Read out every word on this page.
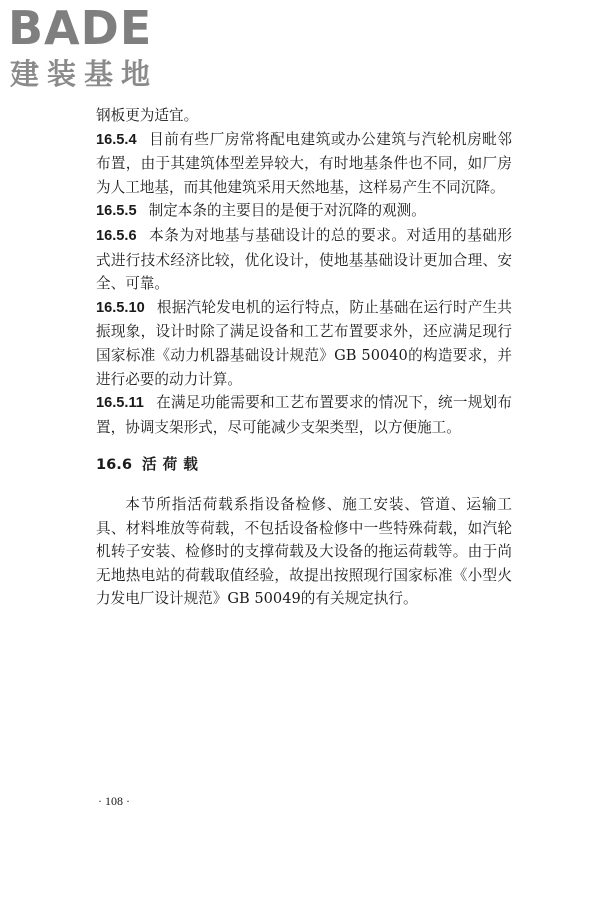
BADE
建装基地

钢板更为适宜。

16.5.4 目前有些厂房常将配电建筑或办公建筑与汽轮机房毗邻布置，由于其建筑体型差异较大，有时地基条件也不同，如厂房为人工地基，而其他建筑采用天然地基，这样易产生不同沉降。

16.5.5 制定本条的主要目的是便于对沉降的观测。

16.5.6 本条为对地基与基础设计的总的要求。对适用的基础形式进行技术经济比较，优化设计，使地基基础设计更加合理、安全、可靠。

16.5.10 根据汽轮发电机的运行特点，防止基础在运行时产生共振现象，设计时除了满足设备和工艺布置要求外，还应满足现行国家标准《动力机器基础设计规范》GB 50040的构造要求，并进行必要的动力计算。

16.5.11 在满足功能需要和工艺布置要求的情况下，统一规划布置，协调支架形式，尽可能减少支架类型，以方便施工。

16.6 活荷载

本节所指活荷载系指设备检修、施工安装、管道、运输工具、材料堆放等荷载，不包括设备检修中一些特殊荷载，如汽轮机转子安装、检修时的支撑荷载及大设备的拖运荷载等。由于尚无地热电站的荷载取值经验，故提出按照现行国家标准《小型火力发电厂设计规范》GB 50049的有关规定执行。

· 108 ·
